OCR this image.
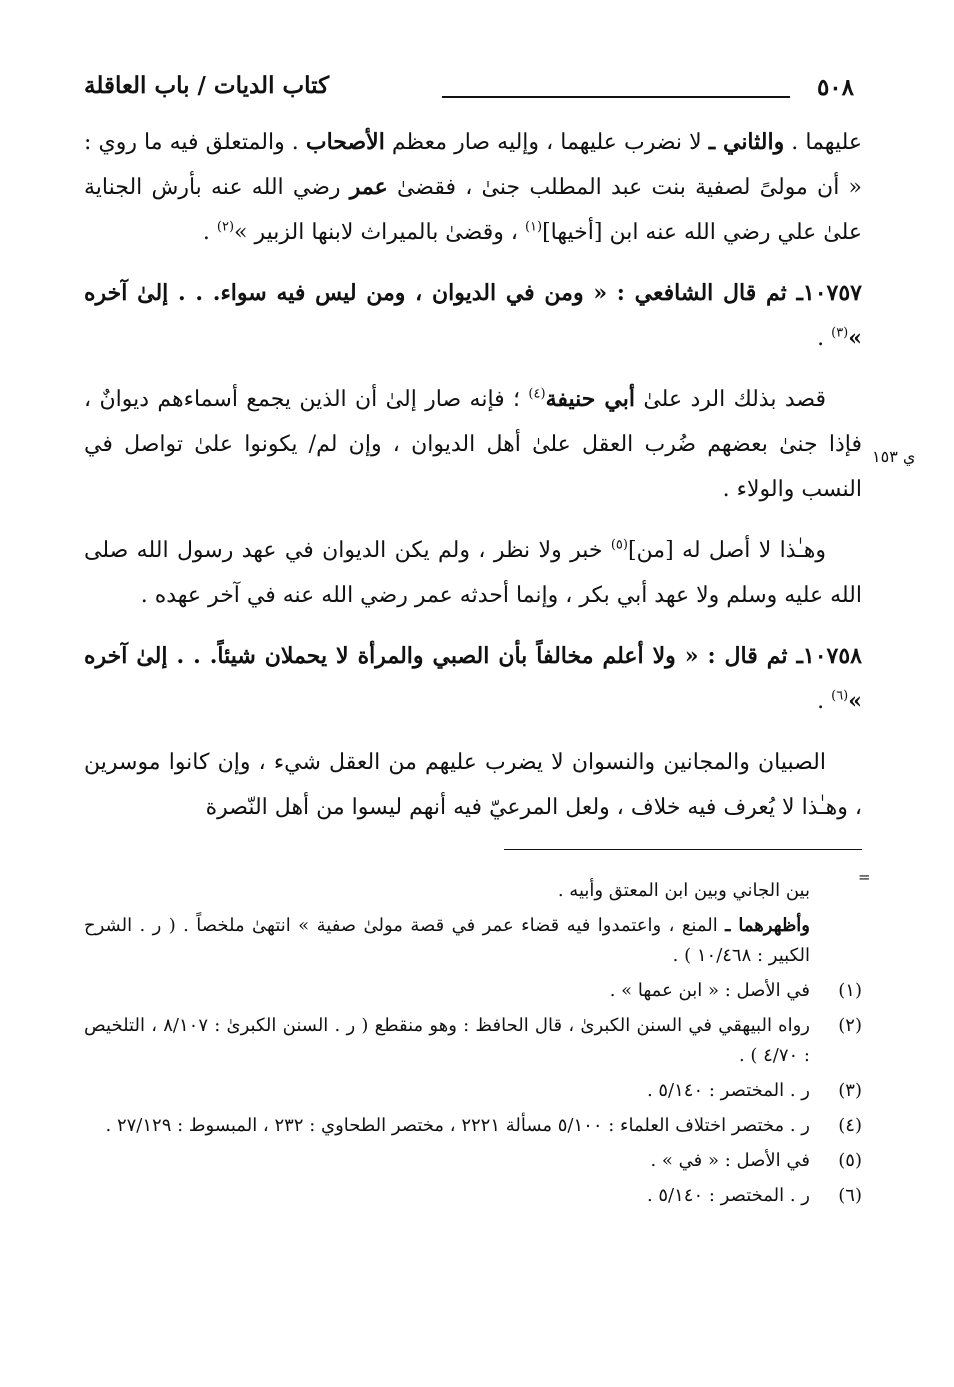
٥٠٨
كتاب الديات / باب العاقلة
ي ١٥٣

عليهما . والثاني ـ لا نضرب عليهما ، وإليه صار معظم الأصحاب . والمتعلق فيه ما روي : « أن مولىً لصفية بنت عبد المطلب جنىٰ ، فقضىٰ عمر رضي الله عنه بأرش الجناية علىٰ علي رضي الله عنه ابن [أخيها]$^{(١)}$ ، وقضىٰ بالميراث لابنها الزبير »$^{(٢)}$ .

١٠٧٥٧ـ ثم قال الشافعي : « ومن في الديوان ، ومن ليس فيه سواء. . . إلىٰ آخره »$^{(٣)}$ .

قصد بذلك الرد علىٰ أبي حنيفة$^{(٤)}$ ؛ فإنه صار إلىٰ أن الذين يجمع أسماءهم ديوانٌ ، فإذا جنىٰ بعضهم ضُرب العقل علىٰ أهل الديوان ، وإن لم/ يكونوا علىٰ تواصل في النسب والولاء .

وهـٰذا لا أصل له [من]$^{(٥)}$ خبر ولا نظر ، ولم يكن الديوان في عهد رسول الله صلى الله عليه وسلم ولا عهد أبي بكر ، وإنما أحدثه عمر رضي الله عنه في آخر عهده .

١٠٧٥٨ـ ثم قال : « ولا أعلم مخالفاً بأن الصبي والمرأة لا يحملان شيئاً. . . إلىٰ آخره »$^{(٦)}$ .

الصبيان والمجانين والنسوان لا يضرب عليهم من العقل شيء ، وإن كانوا موسرين ، وهـٰذا لا يُعرف فيه خلاف ، ولعل المرعيّ فيه أنهم ليسوا من أهل النّصرة

=
بين الجاني وبين ابن المعتق وأبيه .
وأظهرهما ـ المنع ، واعتمدوا فيه قضاء عمر في قصة مولىٰ صفية » انتهىٰ ملخصاً . ( ر . الشرح الكبير : ١٠/٤٦٨ ) .
(١)
في الأصل : « ابن عمها » .
(٢)
رواه البيهقي في السنن الكبرىٰ ، قال الحافظ : وهو منقطع ( ر . السنن الكبرىٰ : ٨/١٠٧ ، التلخيص : ٤/٧٠ ) .
(٣)
ر . المختصر : ٥/١٤٠ .
(٤)
ر . مختصر اختلاف العلماء : ٥/١٠٠ مسألة ٢٢٢١ ، مختصر الطحاوي : ٢٣٢ ، المبسوط : ٢٧/١٢٩ .
(٥)
في الأصل : « في » .
(٦)
ر . المختصر : ٥/١٤٠ .
